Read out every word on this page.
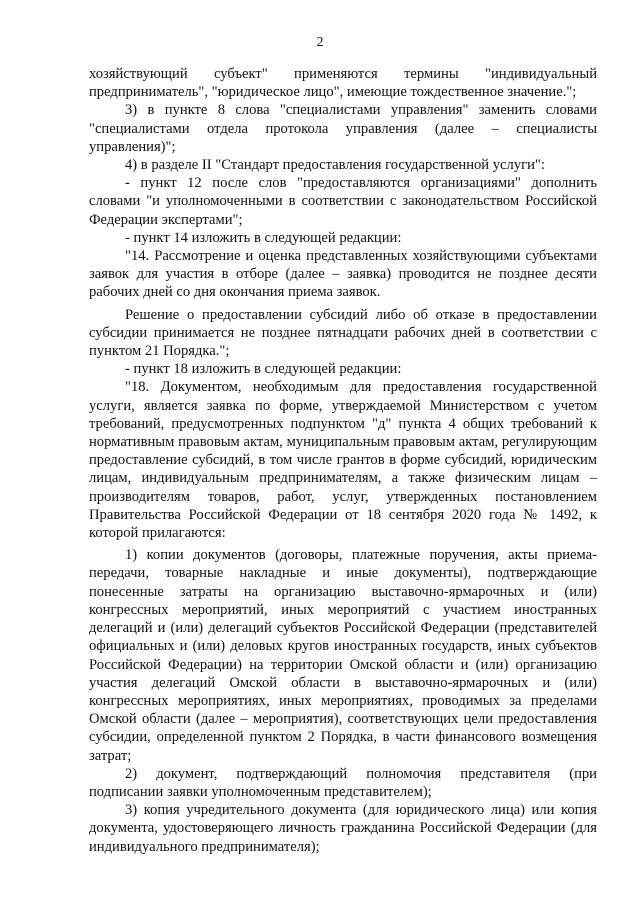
2

хозяйствующий субъект" применяются термины "индивидуальный предприниматель", "юридическое лицо", имеющие тождественное значение.";

3) в пункте 8 слова "специалистами управления" заменить словами "специалистами отдела протокола управления (далее – специалисты управления)";

4) в разделе II "Стандарт предоставления государственной услуги":

- пункт 12 после слов "предоставляются организациями" дополнить словами "и уполномоченными в соответствии с законодательством Российской Федерации экспертами";

- пункт 14 изложить в следующей редакции:

"14. Рассмотрение и оценка представленных хозяйствующими субъектами заявок для участия в отборе (далее – заявка) проводится не позднее десяти рабочих дней со дня окончания приема заявок.

Решение о предоставлении субсидий либо об отказе в предоставлении субсидии принимается не позднее пятнадцати рабочих дней в соответствии с пунктом 21 Порядка.";

- пункт 18 изложить в следующей редакции:

"18. Документом, необходимым для предоставления государственной услуги, является заявка по форме, утверждаемой Министерством с учетом требований, предусмотренных подпунктом "д" пункта 4 общих требований к нормативным правовым актам, муниципальным правовым актам, регулирующим предоставление субсидий, в том числе грантов в форме субсидий, юридическим лицам, индивидуальным предпринимателям, а также физическим лицам – производителям товаров, работ, услуг, утвержденных постановлением Правительства Российской Федерации от 18 сентября 2020 года № 1492, к которой прилагаются:

1) копии документов (договоры, платежные поручения, акты приема-передачи, товарные накладные и иные документы), подтверждающие понесенные затраты на организацию выставочно-ярмарочных и (или) конгрессных мероприятий, иных мероприятий с участием иностранных делегаций и (или) делегаций субъектов Российской Федерации (представителей официальных и (или) деловых кругов иностранных государств, иных субъектов Российской Федерации) на территории Омской области и (или) организацию участия делегаций Омской области в выставочно-ярмарочных и (или) конгрессных мероприятиях, иных мероприятиях, проводимых за пределами Омской области (далее – мероприятия), соответствующих цели предоставления субсидии, определенной пунктом 2 Порядка, в части финансового возмещения затрат;

2) документ, подтверждающий полномочия представителя (при подписании заявки уполномоченным представителем);

3) копия учредительного документа (для юридического лица) или копия документа, удостоверяющего личность гражданина Российской Федерации (для индивидуального предпринимателя);
